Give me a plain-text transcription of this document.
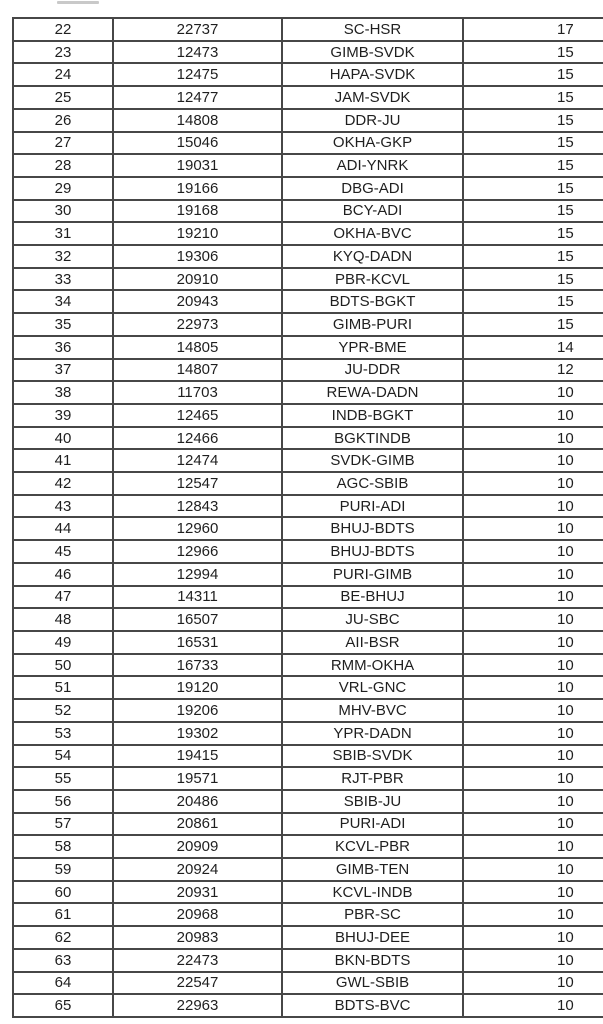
22	22737	SC-HSR	17
23	12473	GIMB-SVDK	15
24	12475	HAPA-SVDK	15
25	12477	JAM-SVDK	15
26	14808	DDR-JU	15
27	15046	OKHA-GKP	15
28	19031	ADI-YNRK	15
29	19166	DBG-ADI	15
30	19168	BCY-ADI	15
31	19210	OKHA-BVC	15
32	19306	KYQ-DADN	15
33	20910	PBR-KCVL	15
34	20943	BDTS-BGKT	15
35	22973	GIMB-PURI	15
36	14805	YPR-BME	14
37	14807	JU-DDR	12
38	11703	REWA-DADN	10
39	12465	INDB-BGKT	10
40	12466	BGKTINDB	10
41	12474	SVDK-GIMB	10
42	12547	AGC-SBIB	10
43	12843	PURI-ADI	10
44	12960	BHUJ-BDTS	10
45	12966	BHUJ-BDTS	10
46	12994	PURI-GIMB	10
47	14311	BE-BHUJ	10
48	16507	JU-SBC	10
49	16531	AII-BSR	10
50	16733	RMM-OKHA	10
51	19120	VRL-GNC	10
52	19206	MHV-BVC	10
53	19302	YPR-DADN	10
54	19415	SBIB-SVDK	10
55	19571	RJT-PBR	10
56	20486	SBIB-JU	10
57	20861	PURI-ADI	10
58	20909	KCVL-PBR	10
59	20924	GIMB-TEN	10
60	20931	KCVL-INDB	10
61	20968	PBR-SC	10
62	20983	BHUJ-DEE	10
63	22473	BKN-BDTS	10
64	22547	GWL-SBIB	10
65	22963	BDTS-BVC	10
